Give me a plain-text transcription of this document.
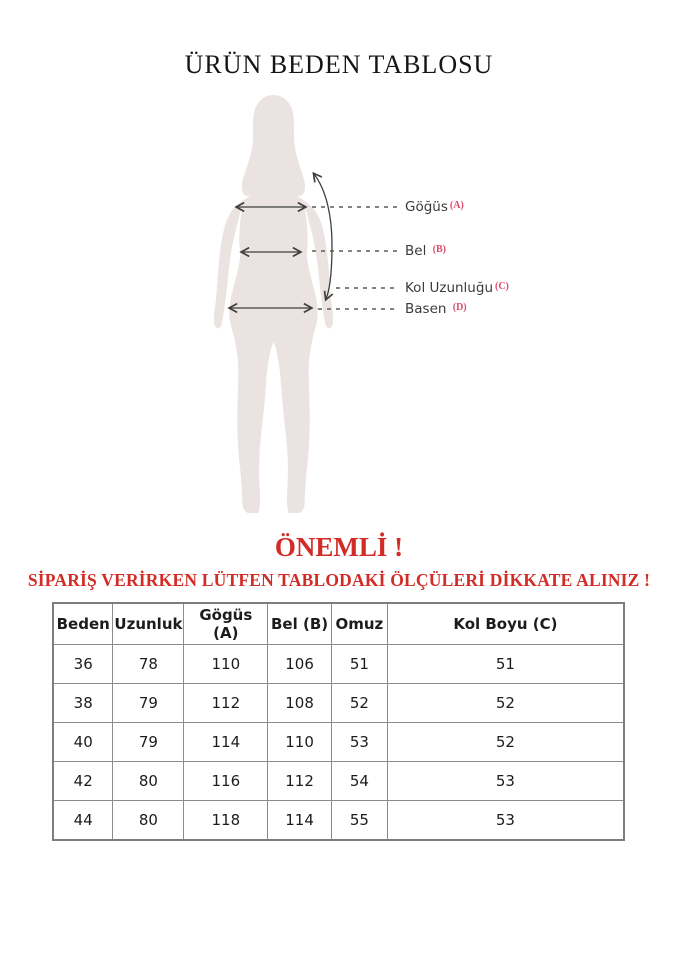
ÜRÜN BEDEN TABLOSU
Göğüs $^{(A)}$
Bel $^{(B)}$
Kol Uzunluğu $^{(C)}$
Basen $^{(D)}$
ÖNEMLİ !
SİPARİŞ VERİRKEN LÜTFEN TABLODAKİ ÖLÇÜLERİ DİKKATE ALINIZ !
Beden	Uzunluk	Gögüs (A)	Bel (B)	Omuz	Kol Boyu (C)
36	78	110	106	51	51
38	79	112	108	52	52
40	79	114	110	53	52
42	80	116	112	54	53
44	80	118	114	55	53
